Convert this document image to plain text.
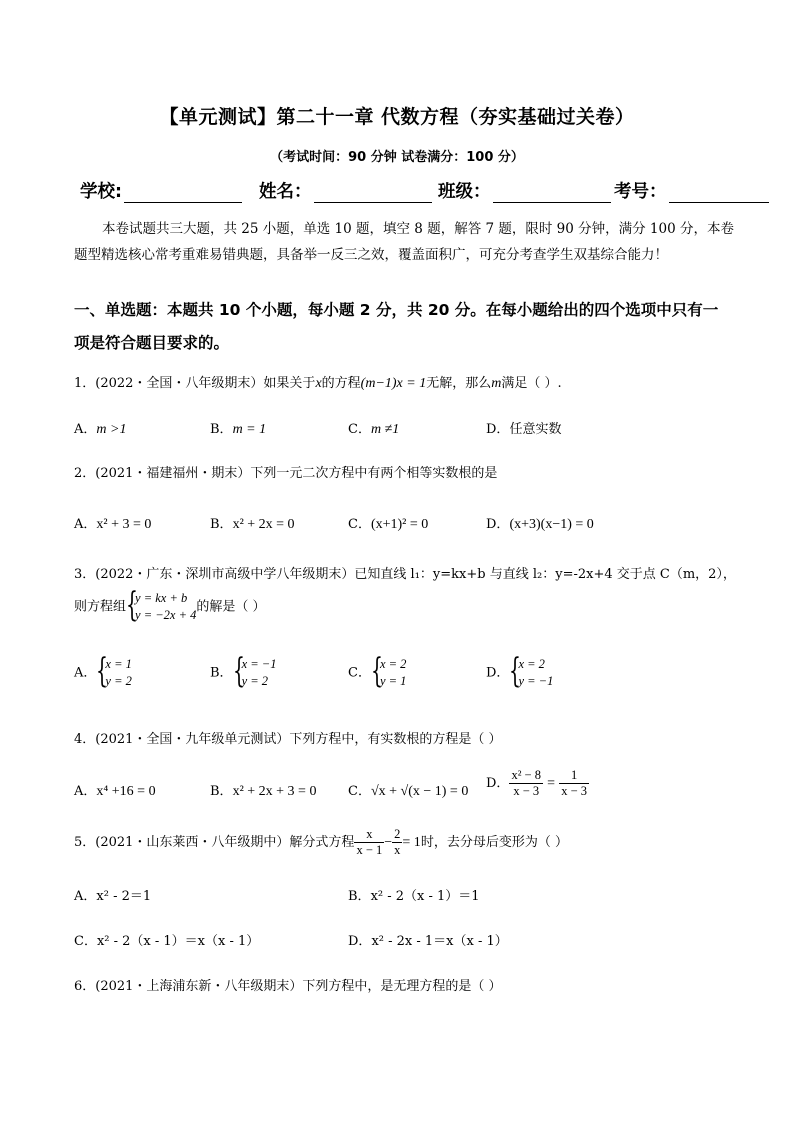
【单元测试】第二十一章 代数方程（夯实基础过关卷）
（考试时间：90 分钟 试卷满分：100 分）
学校:	姓名：	班级：	考号：
本卷试题共三大题，共 25 小题，单选 10 题，填空 8 题，解答 7 题，限时 90 分钟，满分 100 分，本卷题型精选核心常考重难易错典题，具备举一反三之效，覆盖面积广，可充分考查学生双基综合能力！
一、单选题：本题共 10 个小题，每小题 2 分，共 20 分。在每小题给出的四个选项中只有一项是符合题目要求的。
1．(2022・全国・八年级期末）如果关于x的方程(m−1)x = 1无解，那么m满足（ ）.
A．m >1	B．m = 1	C．m ≠1	D．任意实数
2．(2021・福建福州・期末）下列一元二次方程中有两个相等实数根的是
A．x² + 3 = 0	B．x² + 2x = 0	C．(x+1)² = 0	D．(x+3)(x−1) = 0
3．(2022・广东・深圳市高级中学八年级期末）已知直线 l₁：y=kx+b 与直线 l₂：y=-2x+4 交于点 C（m，2），
则方程组 {
y = kx + b
y = −2x + 4
的解是（ ）
A． {
x = 1
y = 2
B． {
x = −1
y = 2
C． {
x = 2
y = 1
D． {
x = 2
y = −1
4．(2021・全国・九年级单元测试）下列方程中，有实数根的方程是（ ）
A．x⁴ +16 = 0	B．x² + 2x + 3 = 0 C．√x + √(x − 1) = 0
D． $\frac{\text{x² − 8}}{x - 3} = \frac{1}{x - 3}$
5．(2021・山东莱西・八年级期中）解分式方程 $\frac{x}{x - 1} - \frac{2}{x} = 1$时，去分母后变形为（ ）
A．x² - 2＝1	B．x² - 2（x - 1）＝1
C．x² - 2（x - 1）＝x（x - 1）	D．x² - 2x - 1＝x（x - 1）
6．(2021・上海浦东新・八年级期末）下列方程中，是无理方程的是（ ）
